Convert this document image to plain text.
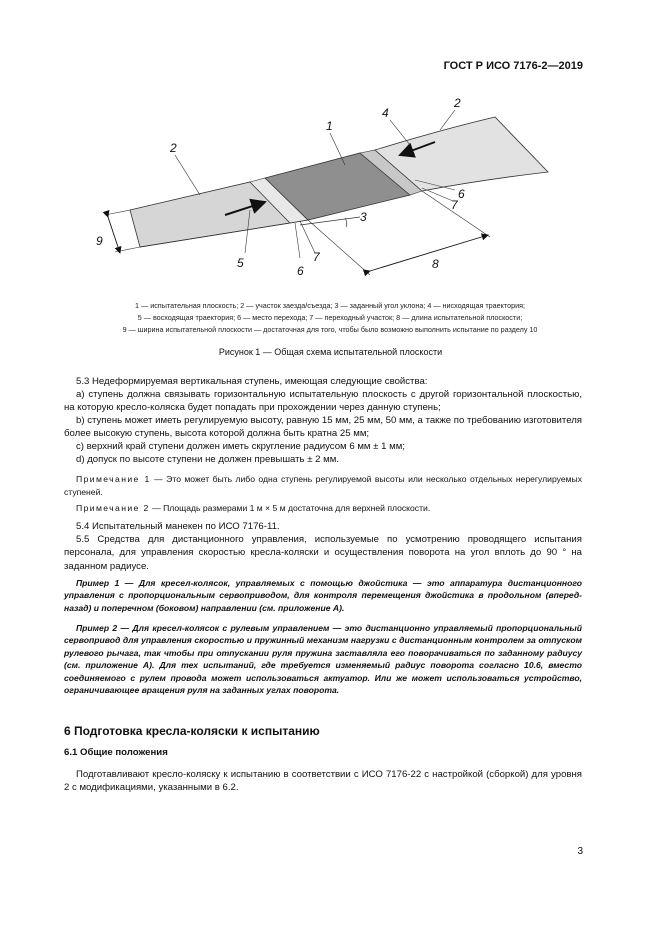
ГОСТ Р ИСО 7176-2—2019
1
2
2
4
3
5
6
7
6
7
8
9
1 — испытательная плоскость; 2 — участок заезда/съезда; 3 — заданный угол уклона; 4 — нисходящая траектория;
5 — восходящая траектория; 6 — место перехода; 7 — переходный участок; 8 — длина испытательной плоскости;
9 — ширина испытательной плоскости — достаточная для того, чтобы было возможно выполнить испытание по разделу 10
Рисунок 1 — Общая схема испытательной плоскости
5.3 Недеформируемая вертикальная ступень, имеющая следующие свойства:
a) ступень должна связывать горизонтальную испытательную плоскость с другой горизонтальной плоскостью, на которую кресло-коляска будет попадать при прохождении через данную ступень;
b) ступень может иметь регулируемую высоту, равную 15 мм, 25 мм, 50 мм, а также по требованию изготовителя более высокую ступень, высота которой должна быть кратна 25 мм;
c) верхний край ступени должен иметь скругление радиусом 6 мм ± 1 мм;
d) допуск по высоте ступени не должен превышать ± 2 мм.
Примечание 1 — Это может быть либо одна ступень регулируемой высоты или несколько отдельных нерегулируемых ступеней.
Примечание 2 — Площадь размерами 1 м × 5 м достаточна для верхней плоскости.
5.4 Испытательный манекен по ИСО 7176-11.
5.5 Средства для дистанционного управления, используемые по усмотрению проводящего испытания персонала, для управления скоростью кресла-коляски и осуществления поворота на угол вплоть до 90 ° на заданном радиусе.
Пример 1 — Для кресел-колясок, управляемых с помощью джойстика — это аппаратура дистанционного управления с пропорциональным сервоприводом, для контроля перемещения джойстика в продольном (вперед-назад) и поперечном (боковом) направлении (см. приложение А).
Пример 2 — Для кресел-колясок с рулевым управлением — это дистанционно управляемый пропорциональный сервопривод для управления скоростью и пружинный механизм нагрузки с дистанционным контролем за отпуском рулевого рычага, так чтобы при отпускании руля пружина заставляла его поворачиваться по заданному радиусу (см. приложение А). Для тех испытаний, где требуется изменяемый радиус поворота согласно 10.6, вместо соединяемого с рулем провода может использоваться актуатор. Или же может использоваться устройство, ограничивающее вращения руля на заданных углах поворота.
6 Подготовка кресла-коляски к испытанию
6.1 Общие положения
Подготавливают кресло-коляску к испытанию в соответствии с ИСО 7176-22 с настройкой (сборкой) для уровня 2 с модификациями, указанными в 6.2.
3
